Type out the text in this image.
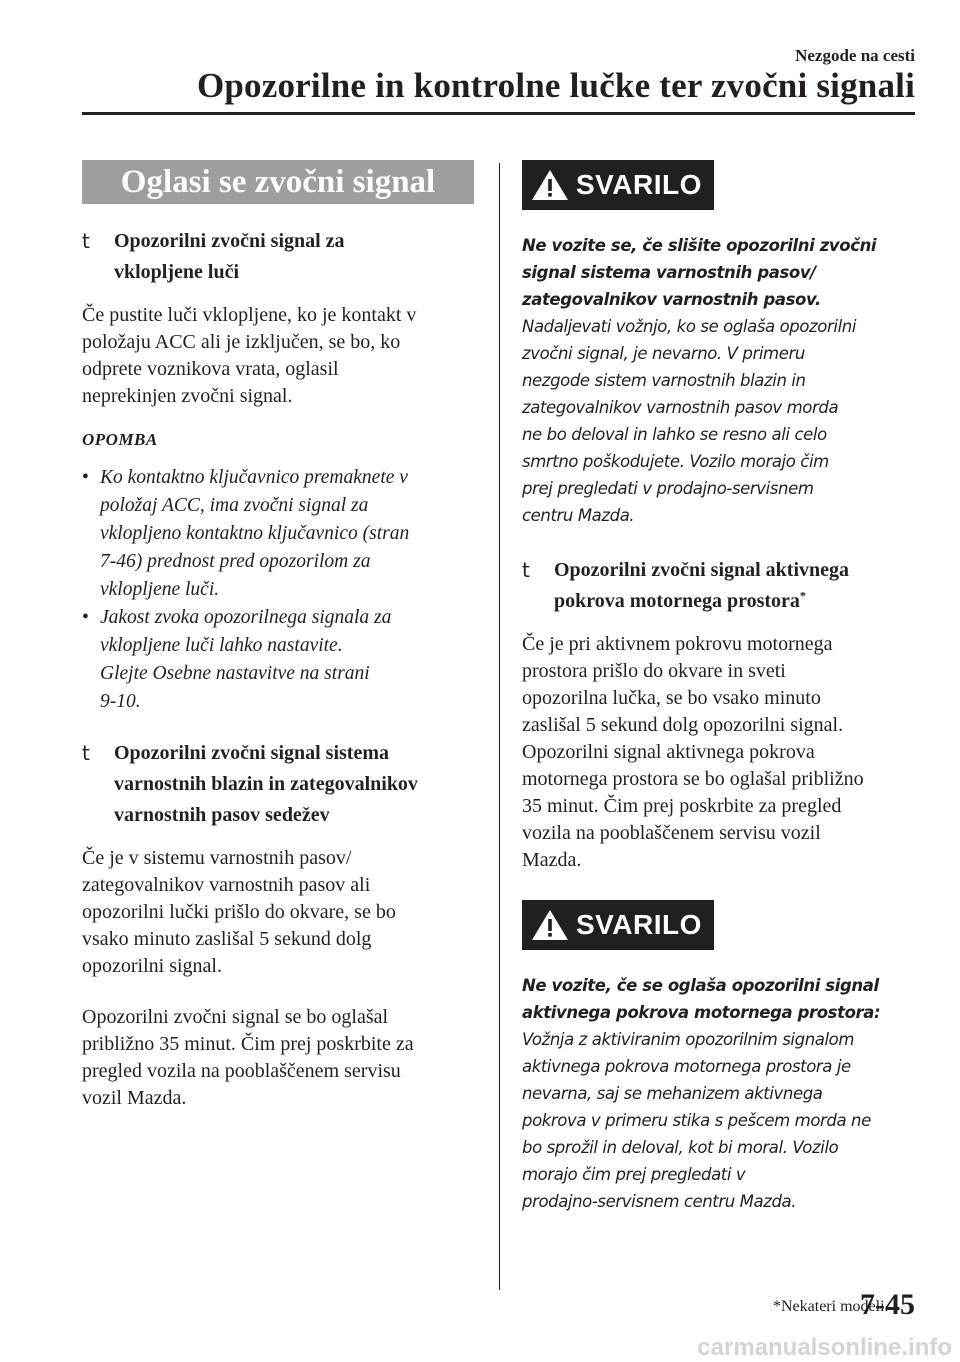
Nezgode na cesti
Opozorilne in kontrolne lučke ter zvočni signali
Oglasi se zvočni signal
t Opozorilni zvočni signal za
vklopljene luči

Če pustite luči vklopljene, ko je kontakt v
položaju ACC ali je izključen, se bo, ko
odprete voznikova vrata, oglasil
neprekinjen zvočni signal.

OPOMBA
• Ko kontaktno ključavnico premaknete v
položaj ACC, ima zvočni signal za
vklopljeno kontaktno ključavnico (stran
7-46) prednost pred opozorilom za
vklopljene luči.
• Jakost zvoka opozorilnega signala za
vklopljene luči lahko nastavite.
Glejte Osebne nastavitve na strani
9-10.
t Opozorilni zvočni signal sistema
varnostnih blazin in zategovalnikov
varnostnih pasov sedežev

Če je v sistemu varnostnih pasov/
zategovalnikov varnostnih pasov ali
opozorilni lučki prišlo do okvare, se bo
vsako minuto zaslišal 5 sekund dolg
opozorilni signal.

Opozorilni zvočni signal se bo oglašal
približno 35 minut. Čim prej poskrbite za
pregled vozila na pooblaščenem servisu
vozil Mazda.

SVARILO
Ne vozite se, če slišite opozorilni zvočni
signal sistema varnostnih pasov/
zategovalnikov varnostnih pasov.
Nadaljevati vožnjo, ko se oglaša opozorilni
zvočni signal, je nevarno. V primeru
nezgode sistem varnostnih blazin in
zategovalnikov varnostnih pasov morda
ne bo deloval in lahko se resno ali celo
smrtno poškodujete. Vozilo morajo čim
prej pregledati v prodajno-servisnem
centru Mazda.
t Opozorilni zvočni signal aktivnega
pokrova motornega prostora*

Če je pri aktivnem pokrovu motornega
prostora prišlo do okvare in sveti
opozorilna lučka, se bo vsako minuto
zaslišal 5 sekund dolg opozorilni signal.
Opozorilni signal aktivnega pokrova
motornega prostora se bo oglašal približno
35 minut. Čim prej poskrbite za pregled
vozila na pooblaščenem servisu vozil
Mazda.

SVARILO
Ne vozite, če se oglaša opozorilni signal
aktivnega pokrova motornega prostora:
Vožnja z aktiviranim opozorilnim signalom
aktivnega pokrova motornega prostora je
nevarna, saj se mehanizem aktivnega
pokrova v primeru stika s pešcem morda ne
bo sprožil in deloval, kot bi moral. Vozilo
morajo čim prej pregledati v
prodajno-servisnem centru Mazda.
*Nekateri modeli.
7-45
carmanualsonline.info
